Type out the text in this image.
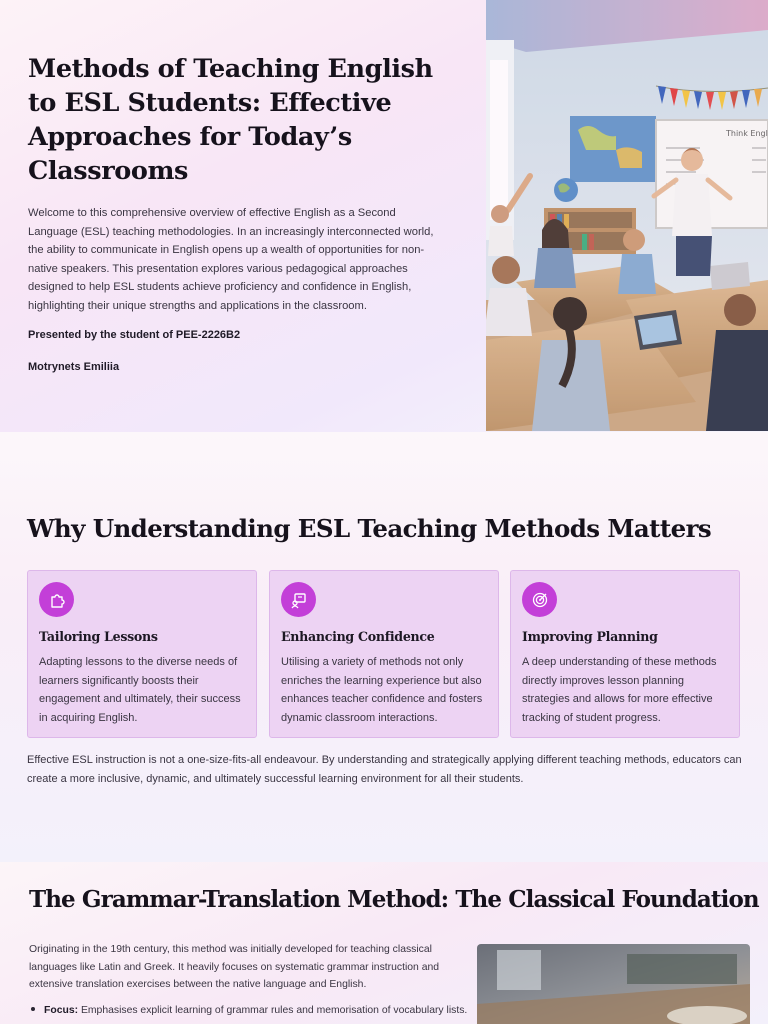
Methods of Teaching English to ESL Students: Effective Approaches for Today’s Classrooms

Welcome to this comprehensive overview of effective English as a Second Language (ESL) teaching methodologies. In an increasingly interconnected world, the ability to communicate in English opens up a wealth of opportunities for non-native speakers. This presentation explores various pedagogical approaches designed to help ESL students achieve proficiency and confidence in English, highlighting their unique strengths and applications in the classroom.

Presented by the student of PEE-2226B2

Motrynets Emiliia

Think Engl
Why Understanding ESL Teaching Methods Matters
Tailoring Lessons

Adapting lessons to the diverse needs of learners significantly boosts their engagement and ultimately, their success in acquiring English.

Enhancing Confidence

Utilising a variety of methods not only enriches the learning experience but also enhances teacher confidence and fosters dynamic classroom interactions.

Improving Planning

A deep understanding of these methods directly improves lesson planning strategies and allows for more effective tracking of student progress.

Effective ESL instruction is not a one-size-fits-all endeavour. By understanding and strategically applying different teaching methods, educators can create a more inclusive, dynamic, and ultimately successful learning environment for all their students.

The Grammar-Translation Method: The Classical Foundation

Originating in the 19th century, this method was initially developed for teaching classical languages like Latin and Greek. It heavily focuses on systematic grammar instruction and extensive translation exercises between the native language and English.

Focus: Emphasises explicit learning of grammar rules and memorisation of vocabulary lists.
